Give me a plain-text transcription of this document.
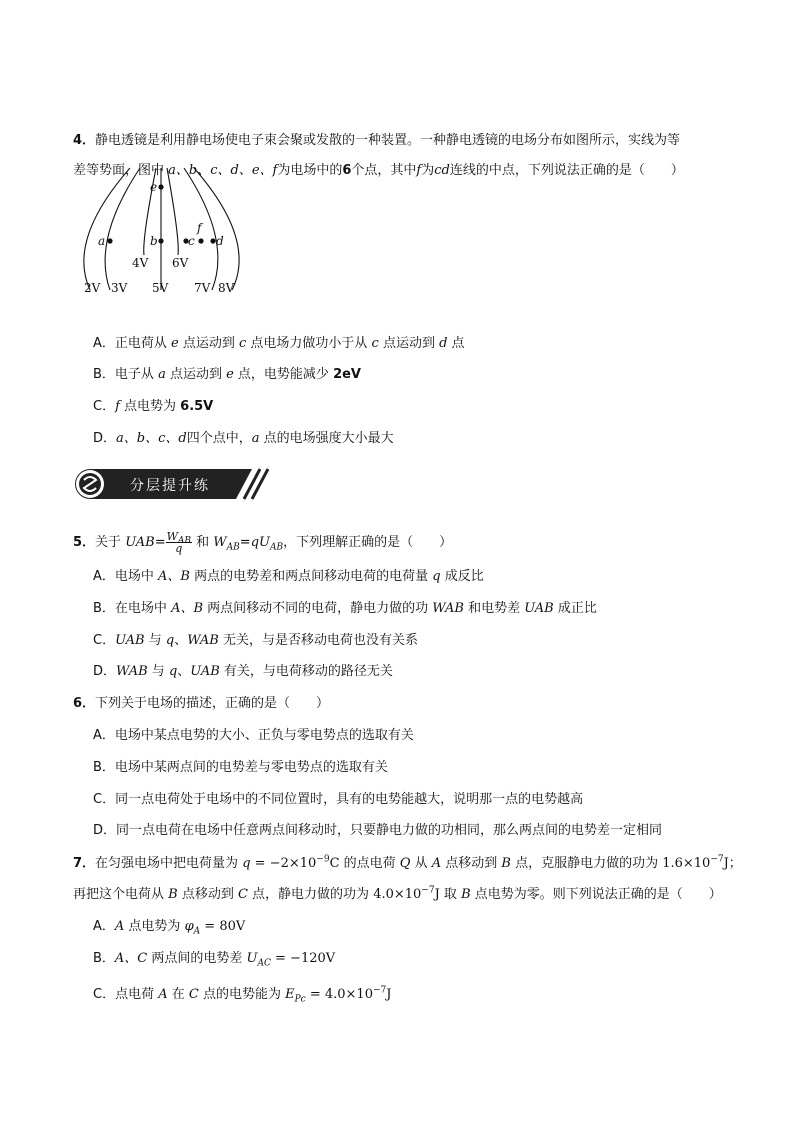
4．静电透镜是利用静电场使电子束会聚或发散的一种装置。一种静电透镜的电场分布如图所示，实线为等
差等势面，图中 a、b、c、d、e、f为电场中的6个点，其中f为cd连线的中点，下列说法正确的是（　　）
e
a	b	c
f
d
4V 6V
2V 3V 5V 7V 8V
A．正电荷从 e 点运动到 c 点电场力做功小于从 c 点运动到 d 点
B．电子从 a 点运动到 e 点，电势能减少 2eV
C．f 点电势为 6.5V
D．a、b、c、d四个点中，a 点的电场强度大小最大
分层提升练
5．关于 $UAB= \frac{W_{AB}}{q}$ 和 $W_{AB}=qU_{AB}$，下列理解正确的是（　　）
A．电场中 A、B 两点的电势差和两点间移动电荷的电荷量 q 成反比
B．在电场中 A、B 两点间移动不同的电荷，静电力做的功 WAB 和电势差 UAB 成正比
C．UAB 与 q、WAB 无关，与是否移动电荷也没有关系
D．WAB 与 q、UAB 有关，与电荷移动的路径无关
6．下列关于电场的描述，正确的是（　　）
A．电场中某点电势的大小、正负与零电势点的选取有关
B．电场中某两点间的电势差与零电势点的选取有关
C．同一点电荷处于电场中的不同位置时，具有的电势能越大，说明那一点的电势越高
D．同一点电荷在电场中任意两点间移动时，只要静电力做的功相同，那么两点间的电势差一定相同
7．在匀强电场中把电荷量为 $q = -2\times 10^{-9}C$ 的点电荷 Q 从 A 点移动到 B 点，克服静电力做的功为 $1.6\times 10^{-7}J$；
再把这个电荷从 B 点移动到 C 点，静电力做的功为 $4.0\times 10^{-7}J$ 取 B 点电势为零。则下列说法正确的是（　　）
A．A 点电势为 $\varphi_A = 80V$
B．A、C 两点间的电势差 $U_{AC} = -120V$
C．点电荷 A 在 C 点的电势能为 $E_{Pc} = 4.0\times 10^{-7}J$
